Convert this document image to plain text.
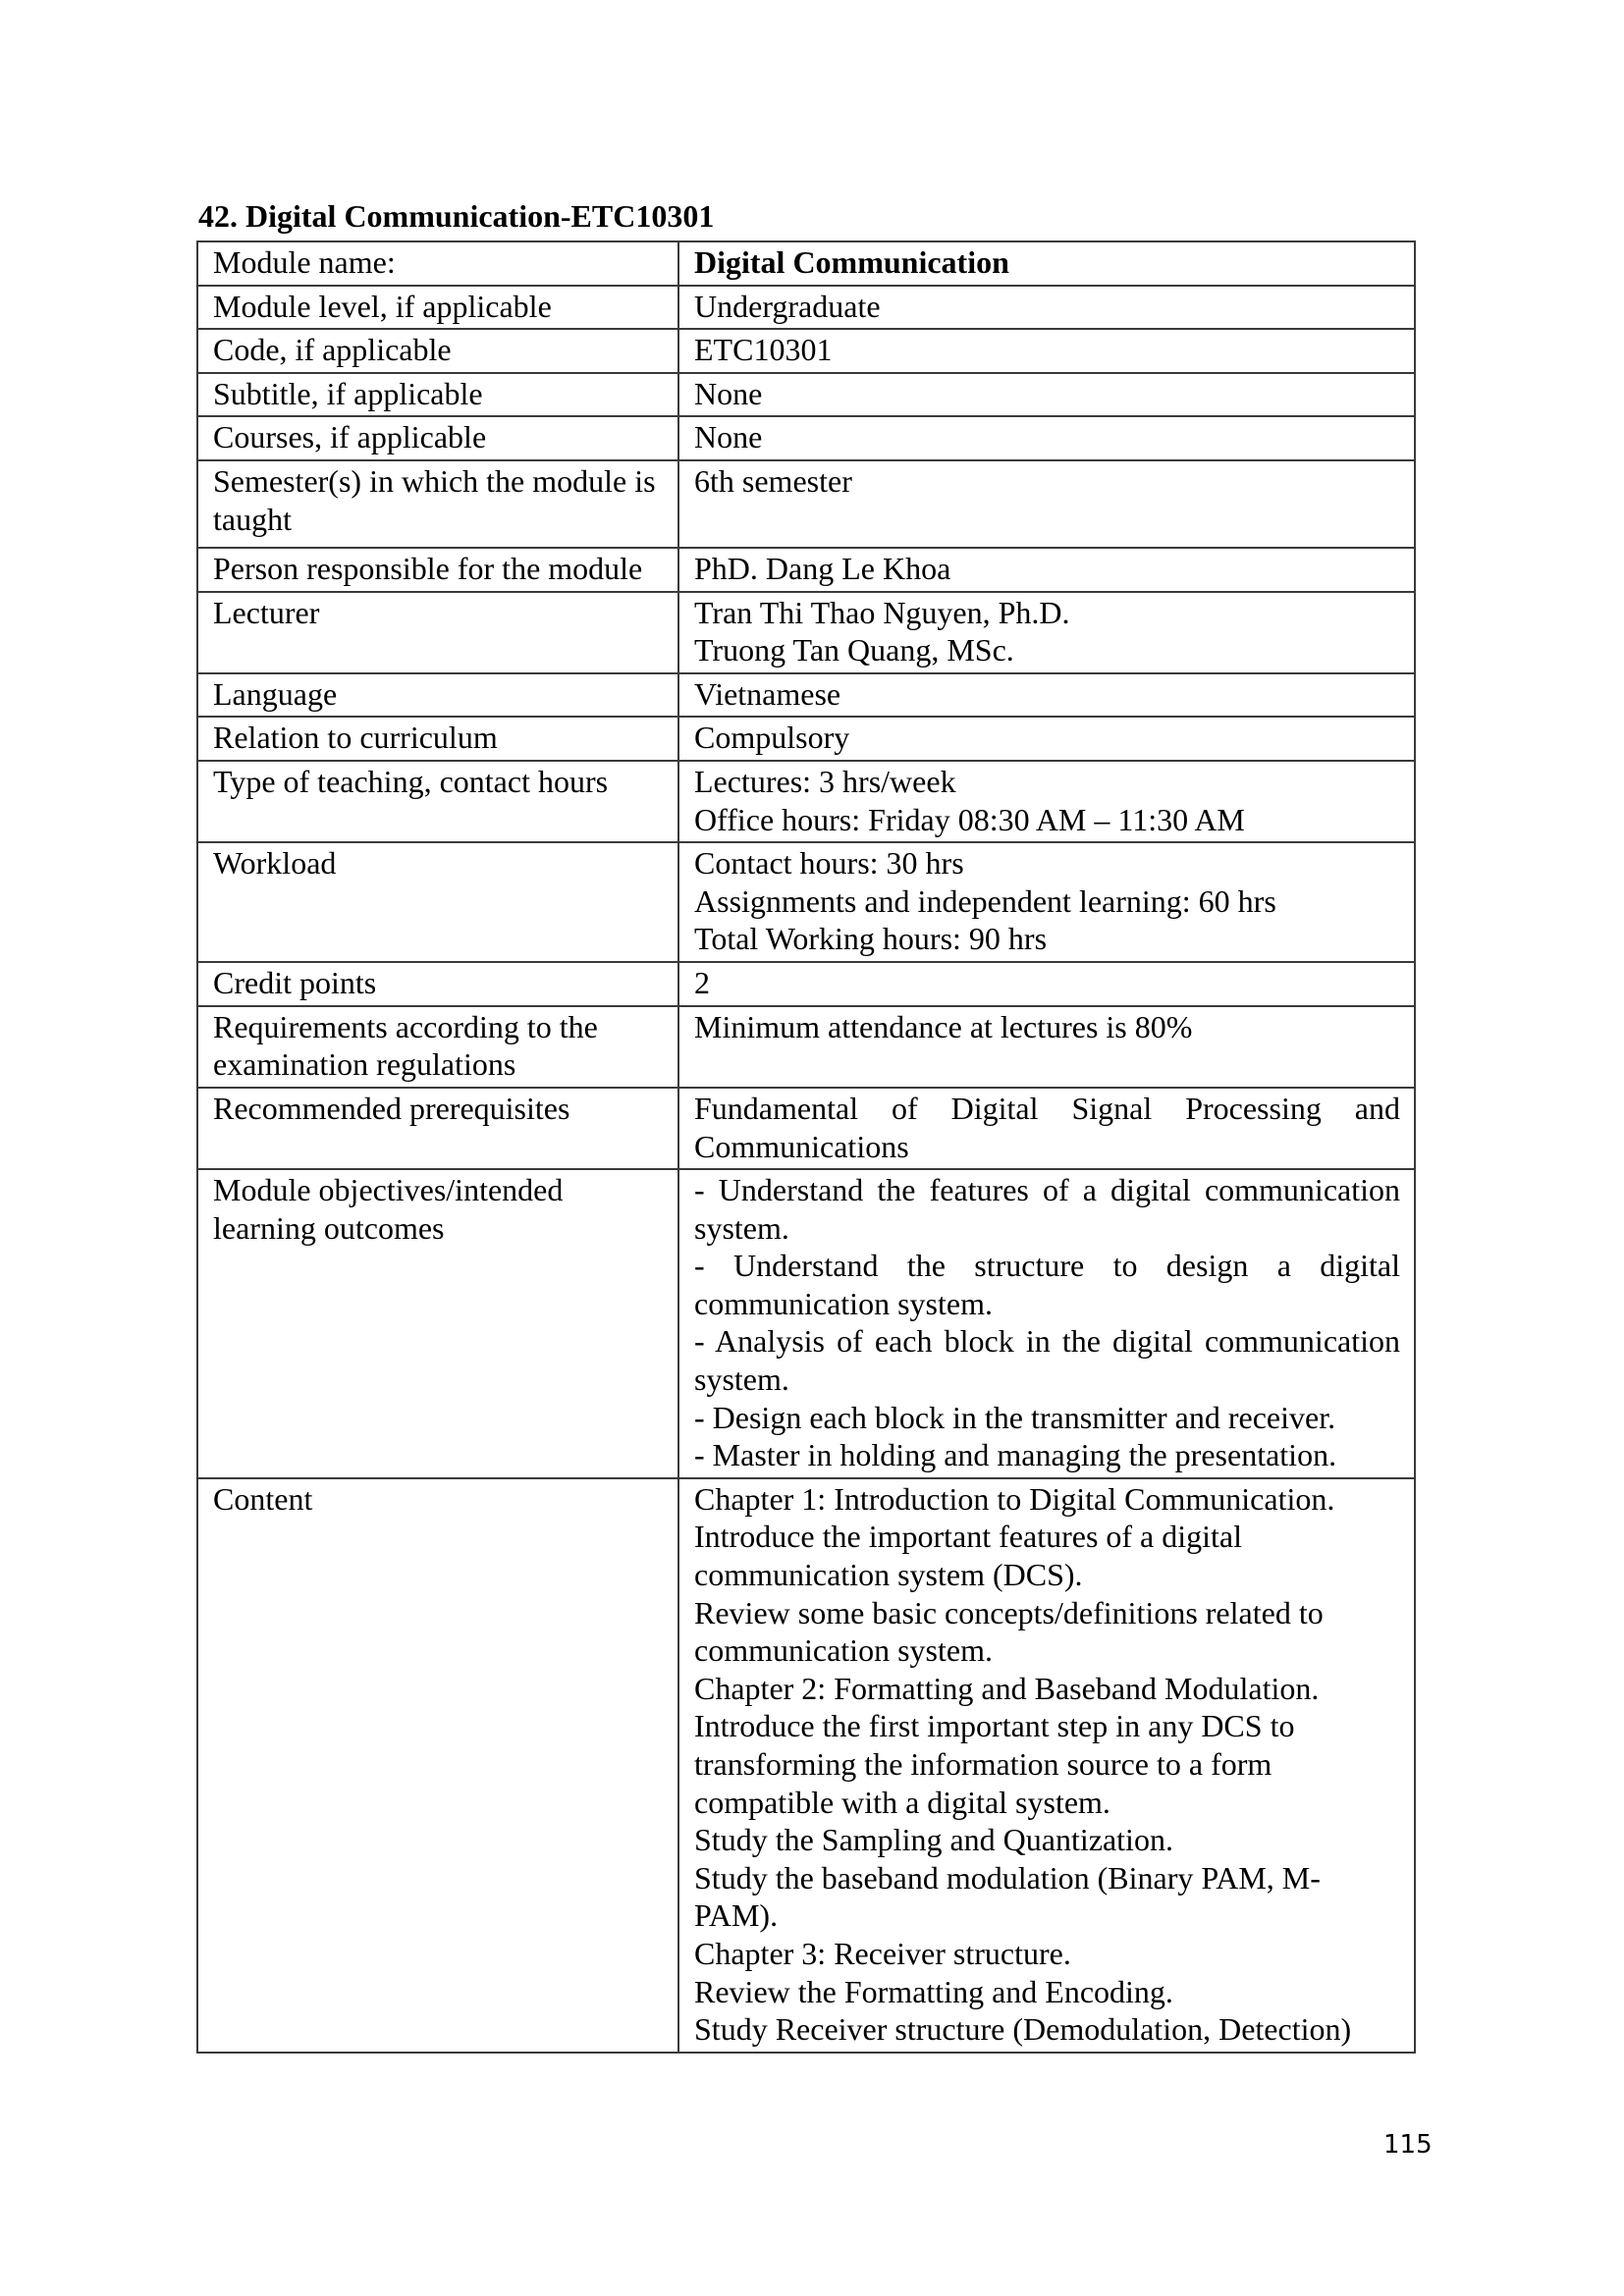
42. Digital Communication-ETC10301
Module name:	Digital Communication

Module level, if applicable	Undergraduate

Code, if applicable	ETC10301

Subtitle, if applicable	None

Courses, if applicable	None

Semester(s) in which the module is taught	6th semester

Person responsible for the module	PhD. Dang Le Khoa

Lecturer	Tran Thi Thao Nguyen, Ph.D.
Truong Tan Quang, MSc.

Language	Vietnamese

Relation to curriculum	Compulsory

Type of teaching, contact hours	Lectures: 3 hrs/week
Office hours: Friday 08:30 AM – 11:30 AM

Workload	Contact hours: 30 hrs
Assignments and independent learning: 60 hrs
Total Working hours: 90 hrs

Credit points	2

Requirements according to the examination regulations	Minimum attendance at lectures is 80%

Recommended prerequisites	Fundamental of Digital Signal Processing and Communications

Module objectives/intended learning outcomes	- Understand the features of a digital communication system.
- Understand the structure to design a digital communication system.
- Analysis of each block in the digital communication system.
- Design each block in the transmitter and receiver.
- Master in holding and managing the presentation.

Content	Chapter 1: Introduction to Digital Communication.
Introduce the important features of a digital communication system (DCS).
Review some basic concepts/definitions related to communication system.
Chapter 2: Formatting and Baseband Modulation.
Introduce the first important step in any DCS to transforming the information source to a form compatible with a digital system.
Study the Sampling and Quantization.
Study the baseband modulation (Binary PAM, M-PAM).
Chapter 3: Receiver structure.
Review the Formatting and Encoding.
Study Receiver structure (Demodulation, Detection)
115
